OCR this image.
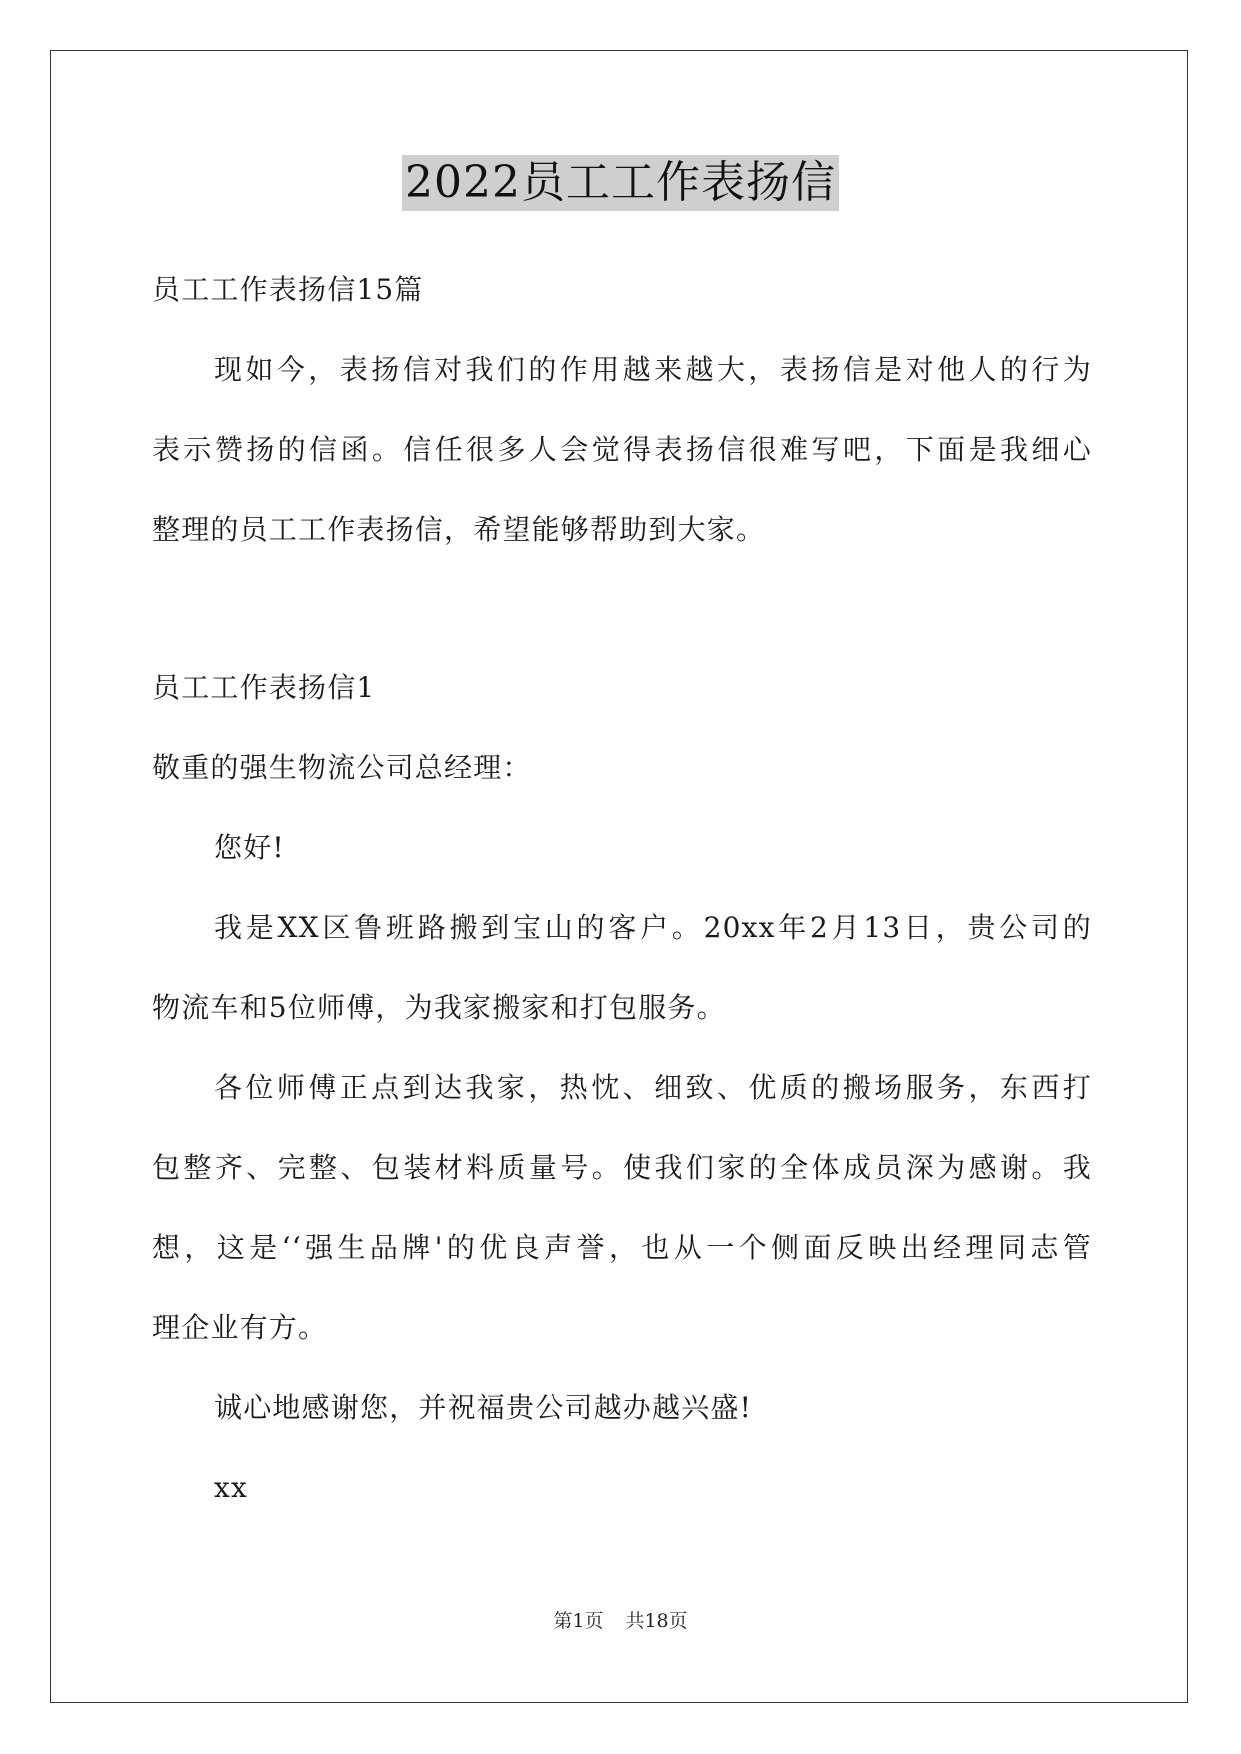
2022员工工作表扬信
员工工作表扬信15篇
现如今，表扬信对我们的作用越来越大，表扬信是对他人的行为
表示赞扬的信函。信任很多人会觉得表扬信很难写吧，下面是我细心
整理的员工工作表扬信，希望能够帮助到大家。
员工工作表扬信1
敬重的强生物流公司总经理：
您好!
我是XX区鲁班路搬到宝山的客户。20xx年2月13日，贵公司的
物流车和5位师傅，为我家搬家和打包服务。
各位师傅正点到达我家，热忱、细致、优质的搬场服务，东西打
包整齐、完整、包装材料质量号。使我们家的全体成员深为感谢。我
想，这是‘‘强生品牌'的优良声誉，也从一个侧面反映出经理同志管
理企业有方。
诚心地感谢您，并祝福贵公司越办越兴盛!
xx
第1页 共18页
